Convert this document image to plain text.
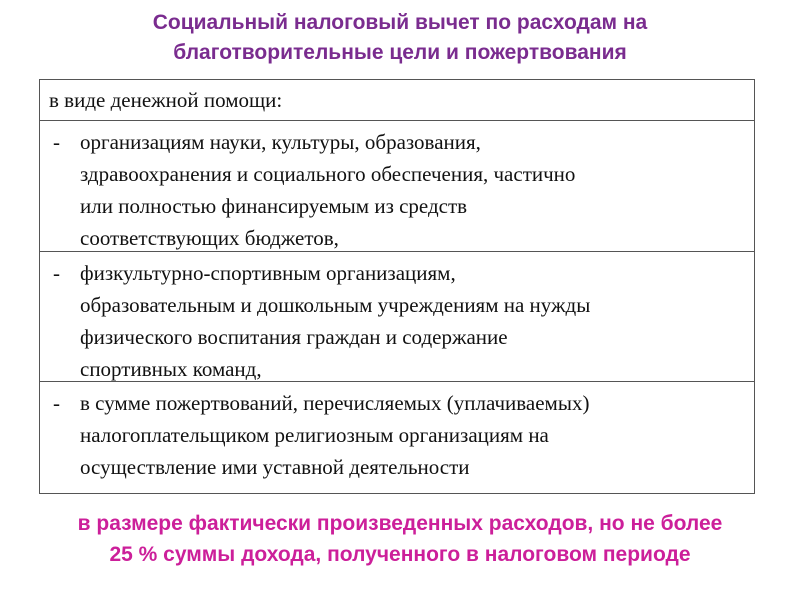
Социальный налоговый вычет по расходам на
благотворительные цели и пожертвования
в виде денежной помощи:
- организациям науки, культуры, образования,
здравоохранения и социального обеспечения, частично
или полностью финансируемым из средств
соответствующих бюджетов,
- физкультурно-спортивным организациям,
образовательным и дошкольным учреждениям на нужды
физического воспитания граждан и содержание
спортивных команд,
- в сумме пожертвований, перечисляемых (уплачиваемых)
налогоплательщиком религиозным организациям на
осуществление ими уставной деятельности
в размере фактически произведенных расходов, но не более
25 % суммы дохода, полученного в налоговом периоде
